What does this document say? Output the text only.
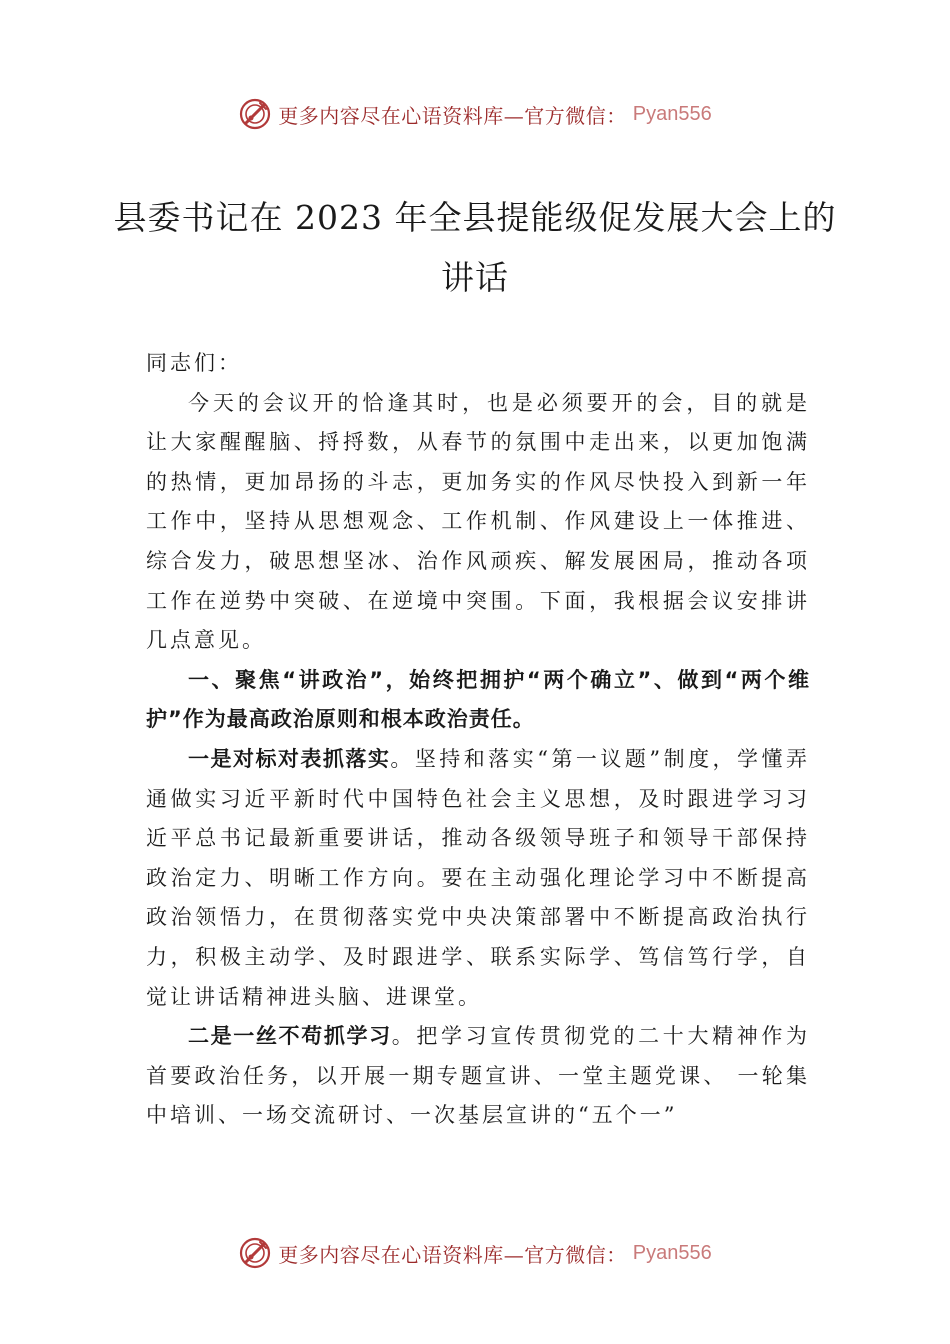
更多内容尽在心语资料库—官方微信： Pyan556
县委书记在 2023 年全县提能级促发展大会上的讲话

同志们：

今天的会议开的恰逢其时，也是必须要开的会，目的就是让大家醒醒脑、捋捋数，从春节的氛围中走出来，以更加饱满的热情，更加昂扬的斗志，更加务实的作风尽快投入到新一年工作中，坚持从思想观念、工作机制、作风建设上一体推进、综合发力，破思想坚冰、治作风顽疾、解发展困局，推动各项工作在逆势中突破、在逆境中突围。下面，我根据会议安排讲几点意见。

一、聚焦“讲政治”，始终把拥护“两个确立”、做到“两个维护”作为最高政治原则和根本政治责任。

一是对标对表抓落实。坚持和落实“第一议题”制度，学懂弄通做实习近平新时代中国特色社会主义思想，及时跟进学习习近平总书记最新重要讲话，推动各级领导班子和领导干部保持政治定力、明晰工作方向。要在主动强化理论学习中不断提高政治领悟力，在贯彻落实党中央决策部署中不断提高政治执行力，积极主动学、及时跟进学、联系实际学、笃信笃行学，自觉让讲话精神进头脑、进课堂。

二是一丝不苟抓学习。把学习宣传贯彻党的二十大精神作为首要政治任务，以开展一期专题宣讲、一堂主题党课、 一轮集中培训、一场交流研讨、一次基层宣讲的“五个一”

更多内容尽在心语资料库—官方微信： Pyan556
